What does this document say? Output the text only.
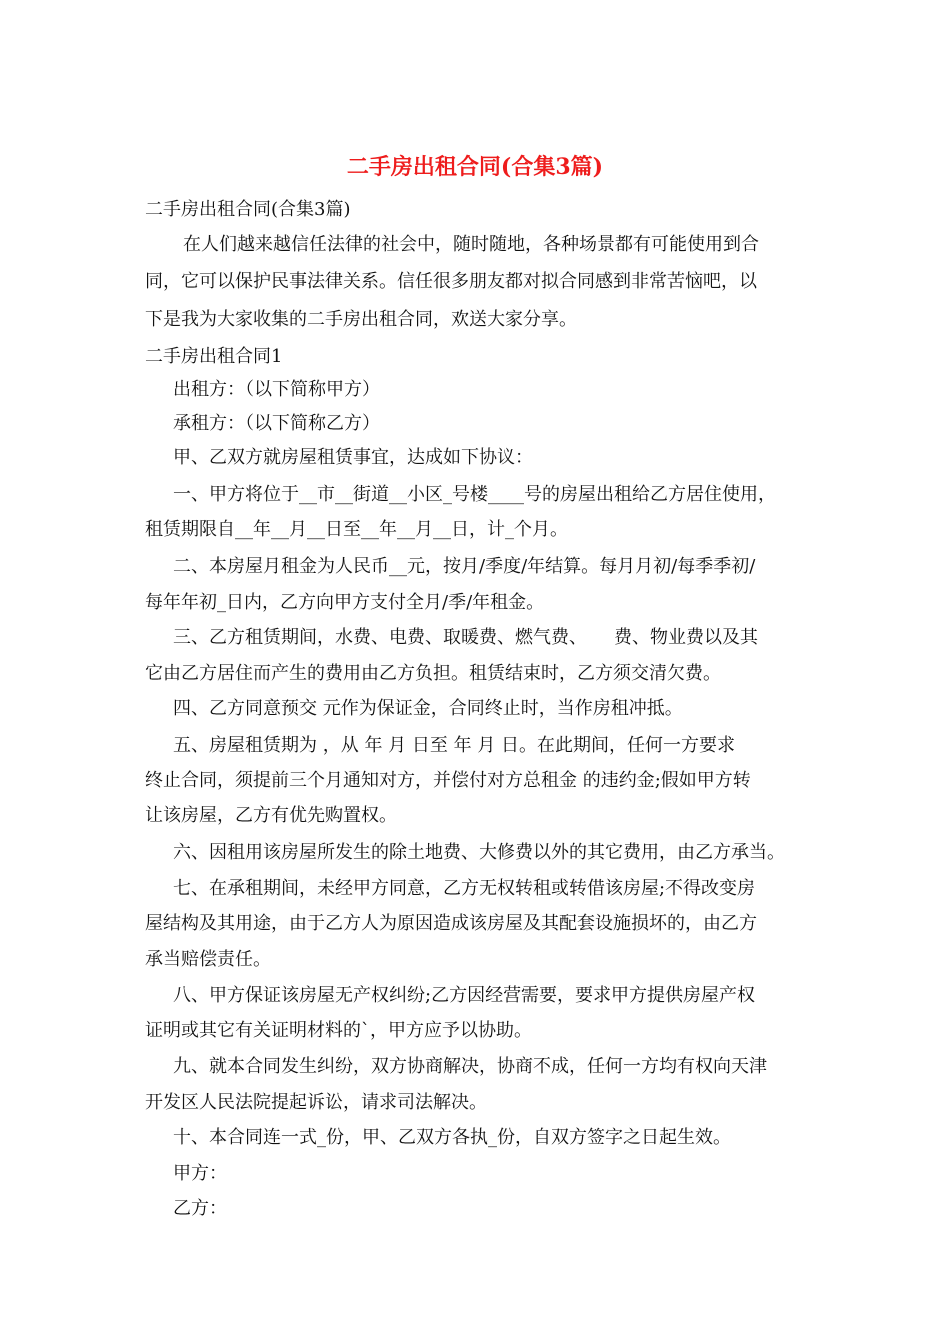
二手房出租合同(合集3篇)
二手房出租合同(合集3篇)
在人们越来越信任法律的社会中，随时随地，各种场景都有可能使用到合
同，它可以保护民事法律关系。信任很多朋友都对拟合同感到非常苦恼吧，以
下是我为大家收集的二手房出租合同，欢送大家分享。
二手房出租合同1
出租方：（以下简称甲方）
承租方：（以下简称乙方）
甲、乙双方就房屋租赁事宜，达成如下协议：
一、甲方将位于__市__街道__小区_号楼____号的房屋出租给乙方居住使用，
租赁期限自__年__月__日至__年__月__日，计_个月。
二、本房屋月租金为人民币__元，按月/季度/年结算。每月月初/每季季初/
每年年初_日内，乙方向甲方支付全月/季/年租金。
三、乙方租赁期间，水费、电费、取暖费、燃气费、　　费、物业费以及其
它由乙方居住而产生的费用由乙方负担。租赁结束时，乙方须交清欠费。
四、乙方同意预交 元作为保证金，合同终止时，当作房租冲抵。
五、房屋租赁期为 ，从 年 月 日至 年 月 日。在此期间，任何一方要求
终止合同，须提前三个月通知对方，并偿付对方总租金 的违约金;假如甲方转
让该房屋，乙方有优先购置权。
六、因租用该房屋所发生的除土地费、大修费以外的其它费用，由乙方承当。
七、在承租期间，未经甲方同意，乙方无权转租或转借该房屋;不得改变房
屋结构及其用途，由于乙方人为原因造成该房屋及其配套设施损坏的，由乙方
承当赔偿责任。
八、甲方保证该房屋无产权纠纷;乙方因经营需要，要求甲方提供房屋产权
证明或其它有关证明材料的`，甲方应予以协助。
九、就本合同发生纠纷，双方协商解决，协商不成，任何一方均有权向天津
开发区人民法院提起诉讼，请求司法解决。
十、本合同连一式_份，甲、乙双方各执_份，自双方签字之日起生效。
甲方：
乙方：
